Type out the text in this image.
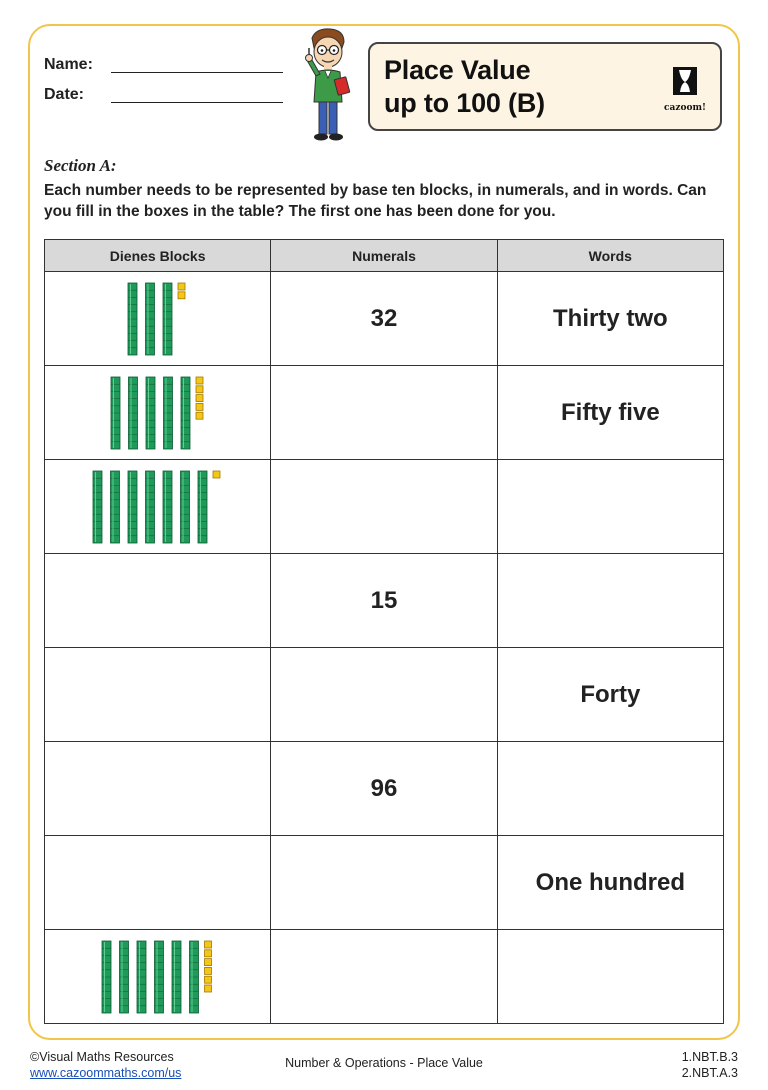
Name:
Date:
Place Value
up to 100 (B)	cazoom!
Section A:
Each number needs to be represented by base ten blocks, in numerals, and in words. Can you fill in the boxes in the table? The first one has been done for you.
Dienes Blocks	Numerals	Words

	32	Thirty two

		Fifty five

	15	
		Forty
	96	
		One hundred

©Visual Maths Resources
www.cazoommaths.com/us
Number & Operations - Place Value	1.NBT.B.3
2.NBT.A.3
